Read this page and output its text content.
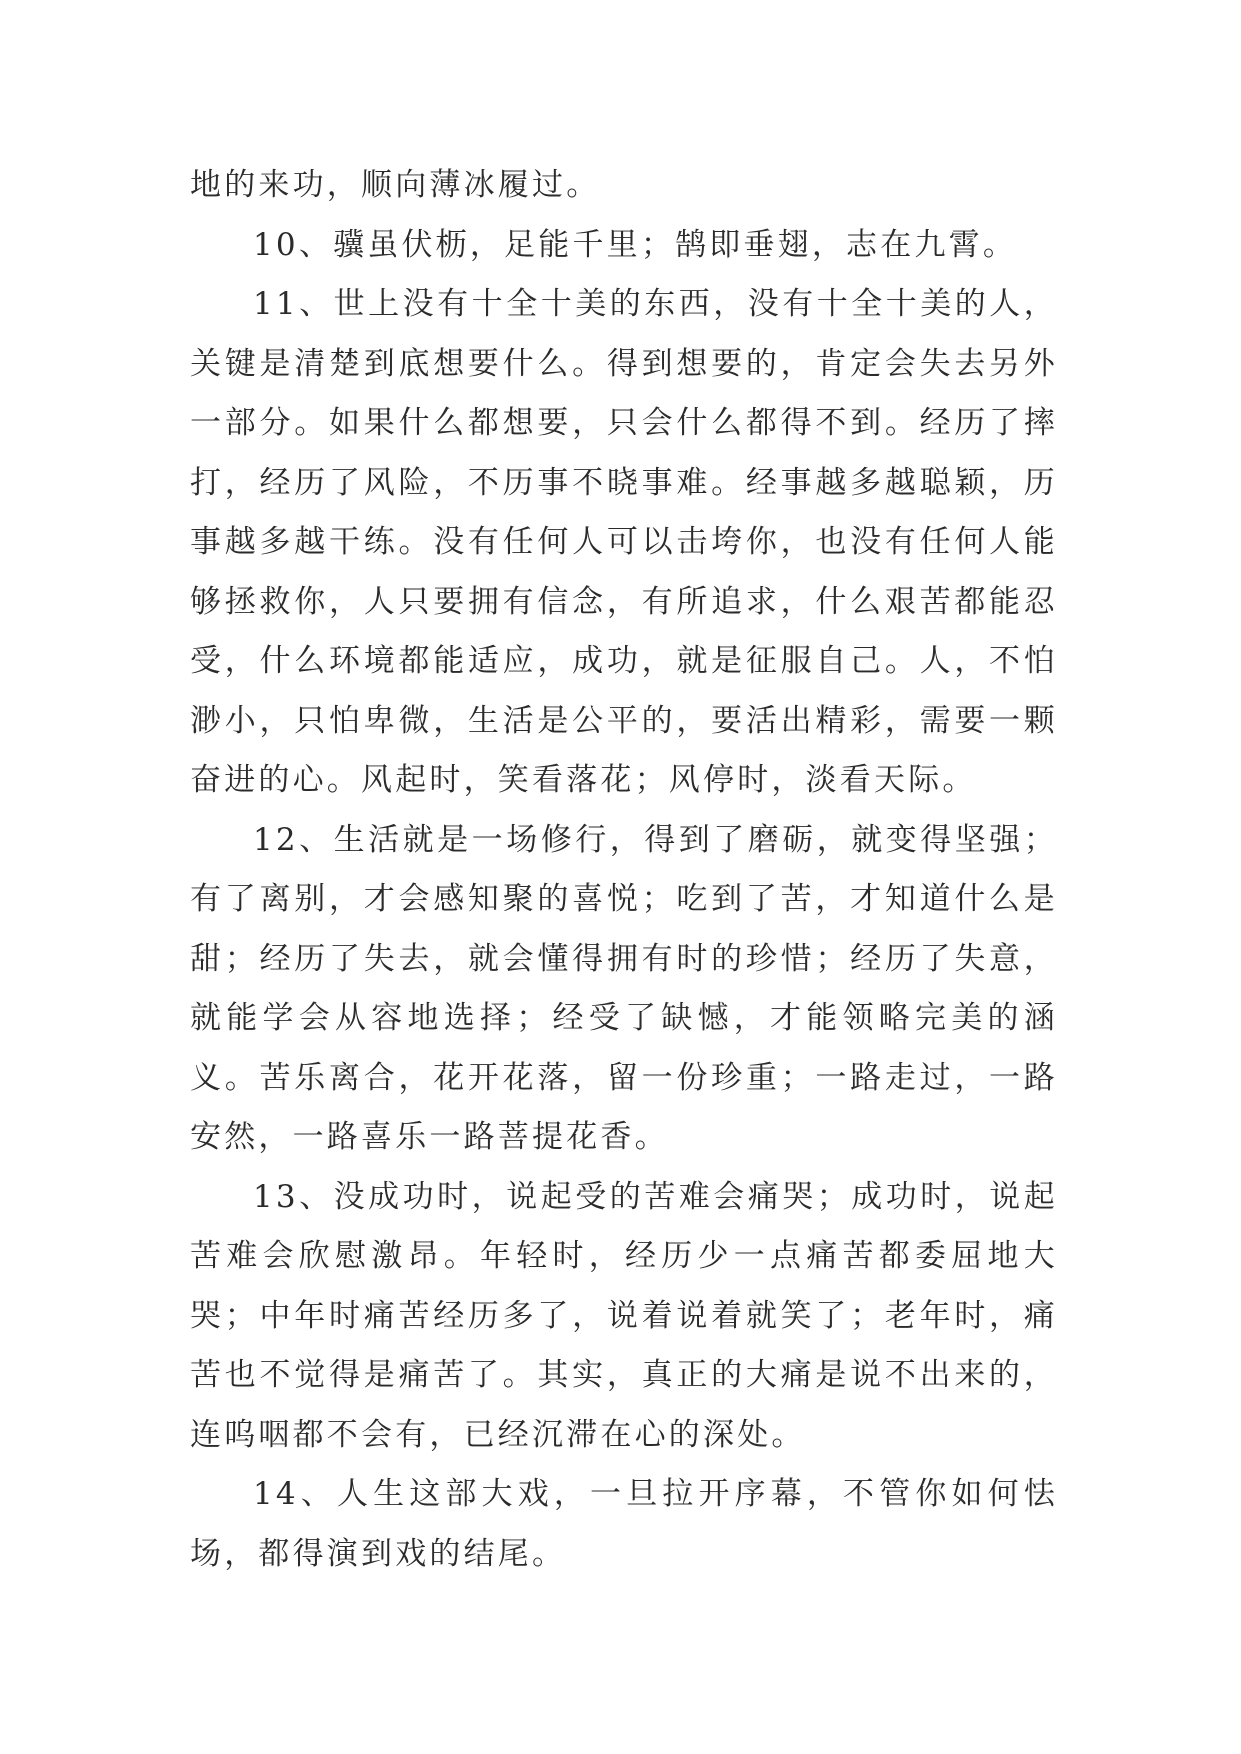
地的来功，顺向薄冰履过。

10、骥虽伏枥，足能千里；鹄即垂翅，志在九霄。

11、世上没有十全十美的东西，没有十全十美的人，关键是清楚到底想要什么。得到想要的，肯定会失去另外一部分。如果什么都想要，只会什么都得不到。经历了摔打，经历了风险，不历事不晓事难。经事越多越聪颖，历事越多越干练。没有任何人可以击垮你，也没有任何人能够拯救你，人只要拥有信念，有所追求，什么艰苦都能忍受，什么环境都能适应，成功，就是征服自己。人，不怕渺小，只怕卑微，生活是公平的，要活出精彩，需要一颗奋进的心。风起时，笑看落花；风停时，淡看天际。

12、生活就是一场修行，得到了磨砺，就变得坚强；有了离别，才会感知聚的喜悦；吃到了苦，才知道什么是甜；经历了失去，就会懂得拥有时的珍惜；经历了失意，就能学会从容地选择；经受了缺憾，才能领略完美的涵义。苦乐离合，花开花落，留一份珍重；一路走过，一路安然，一路喜乐一路菩提花香。

13、没成功时，说起受的苦难会痛哭；成功时，说起苦难会欣慰激昂。年轻时，经历少一点痛苦都委屈地大哭；中年时痛苦经历多了，说着说着就笑了；老年时，痛苦也不觉得是痛苦了。其实，真正的大痛是说不出来的，连呜咽都不会有，已经沉滞在心的深处。

14、人生这部大戏，一旦拉开序幕，不管你如何怯场，都得演到戏的结尾。
